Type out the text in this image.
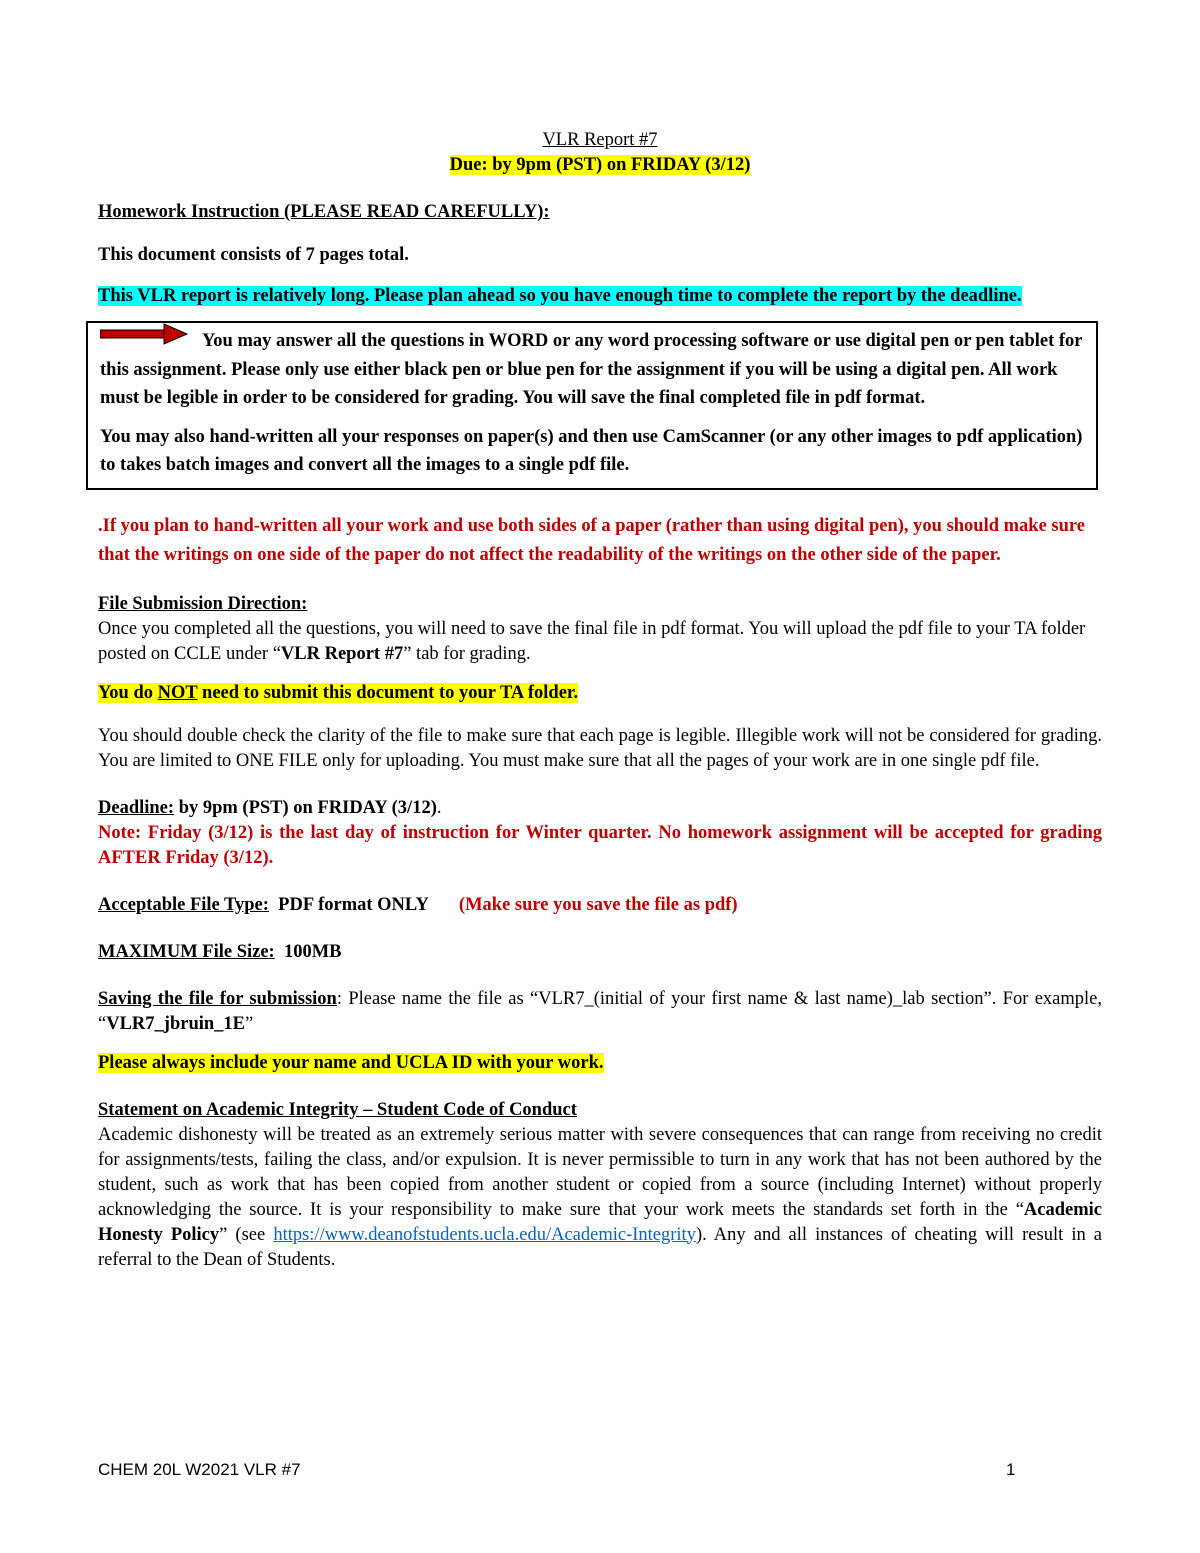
VLR Report #7

Due: by 9pm (PST) on FRIDAY (3/12)

Homework Instruction (PLEASE READ CAREFULLY):

This document consists of 7 pages total.

This VLR report is relatively long. Please plan ahead so you have enough time to complete the report by the deadline.

You may answer all the questions in WORD or any word processing software or use digital pen or pen tablet for this assignment. Please only use either black pen or blue pen for the assignment if you will be using a digital pen. All work must be legible in order to be considered for grading. You will save the final completed file in pdf format.

You may also hand-written all your responses on paper(s) and then use CamScanner (or any other images to pdf application) to takes batch images and convert all the images to a single pdf file.

.If you plan to hand-written all your work and use both sides of a paper (rather than using digital pen), you should make sure that the writings on one side of the paper do not affect the readability of the writings on the other side of the paper.

File Submission Direction:

Once you completed all the questions, you will need to save the final file in pdf format. You will upload the pdf file to your TA folder posted on CCLE under “VLR Report #7” tab for grading.

You do NOT need to submit this document to your TA folder.

You should double check the clarity of the file to make sure that each page is legible. Illegible work will not be considered for grading. You are limited to ONE FILE only for uploading. You must make sure that all the pages of your work are in one single pdf file.

Deadline: by 9pm (PST) on FRIDAY (3/12).

Note: Friday (3/12) is the last day of instruction for Winter quarter. No homework assignment will be accepted for grading AFTER Friday (3/12).

Acceptable File Type:  PDF format ONLY (Make sure you save the file as pdf)

MAXIMUM File Size:  100MB

Saving the file for submission: Please name the file as “VLR7_(initial of your first name & last name)_lab section”. For example, “VLR7_jbruin_1E”

Please always include your name and UCLA ID with your work.

Statement on Academic Integrity – Student Code of Conduct

Academic dishonesty will be treated as an extremely serious matter with severe consequences that can range from receiving no credit for assignments/tests, failing the class, and/or expulsion. It is never permissible to turn in any work that has not been authored by the student, such as work that has been copied from another student or copied from a source (including Internet) without properly acknowledging the source. It is your responsibility to make sure that your work meets the standards set forth in the “Academic Honesty Policy” (see https://www.deanofstudents.ucla.edu/Academic-Integrity). Any and all instances of cheating will result in a referral to the Dean of Students.

CHEM 20L W2021 VLR #7	1
